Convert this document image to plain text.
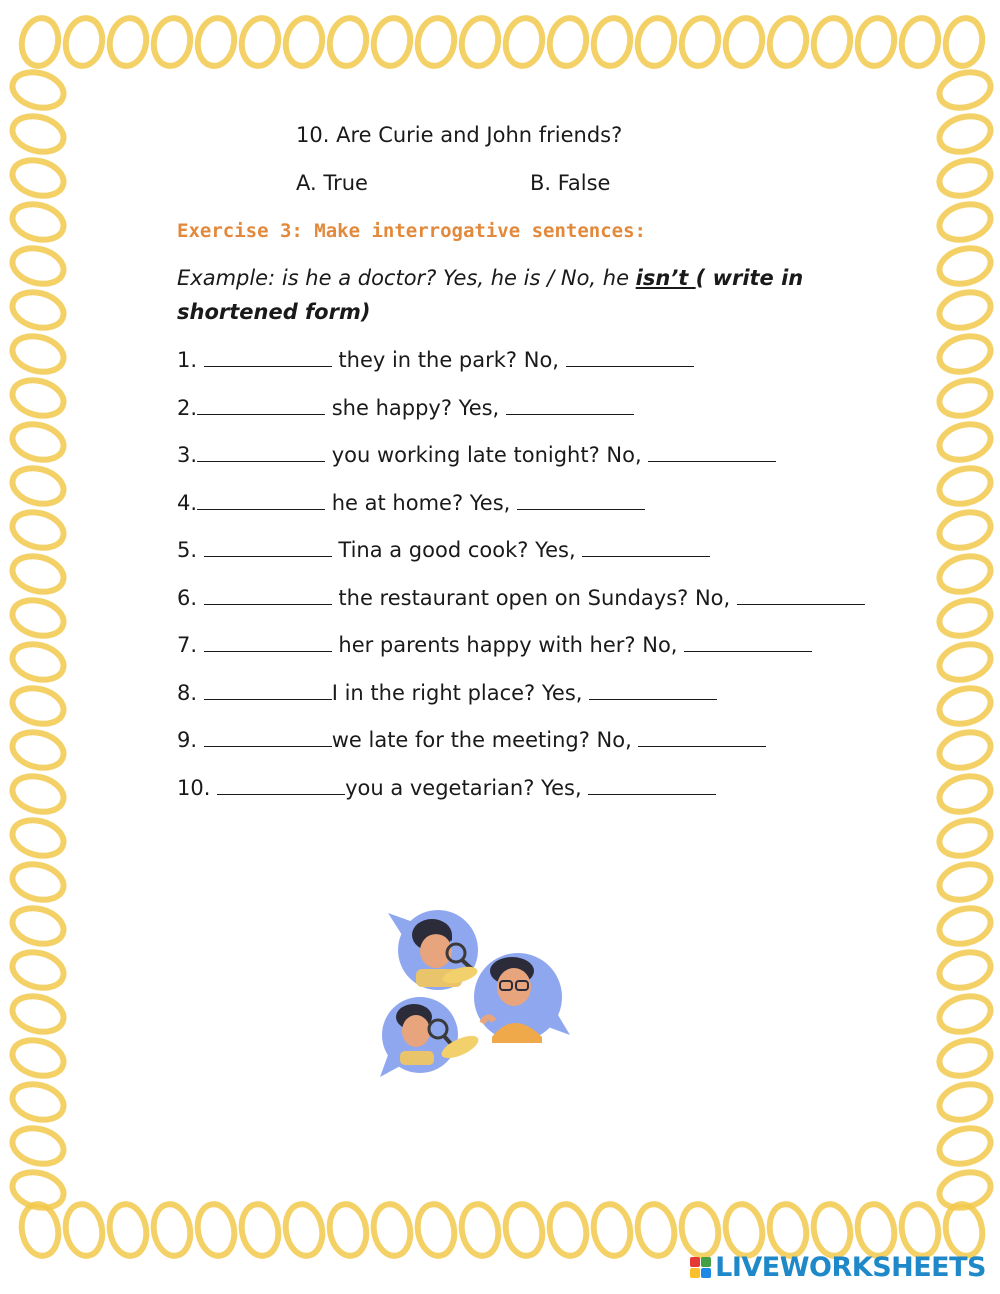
10. Are Curie and John friends?
A. True	B. False
Exercise 3: Make interrogative sentences:
Example: is he a doctor? Yes, he is / No, he isn’t ( write in
shortened form)
1.	they in the park? No,
2.	she happy? Yes,
3.	you working late tonight? No,
4.	he at home? Yes,
5.	Tina a good cook? Yes,
6.	the restaurant open on Sundays? No,
7.	her parents happy with her? No,
8.	I in the right place? Yes,
9.	we late for the meeting? No,
10.	you a vegetarian? Yes,
LIVEWORKSHEETS
